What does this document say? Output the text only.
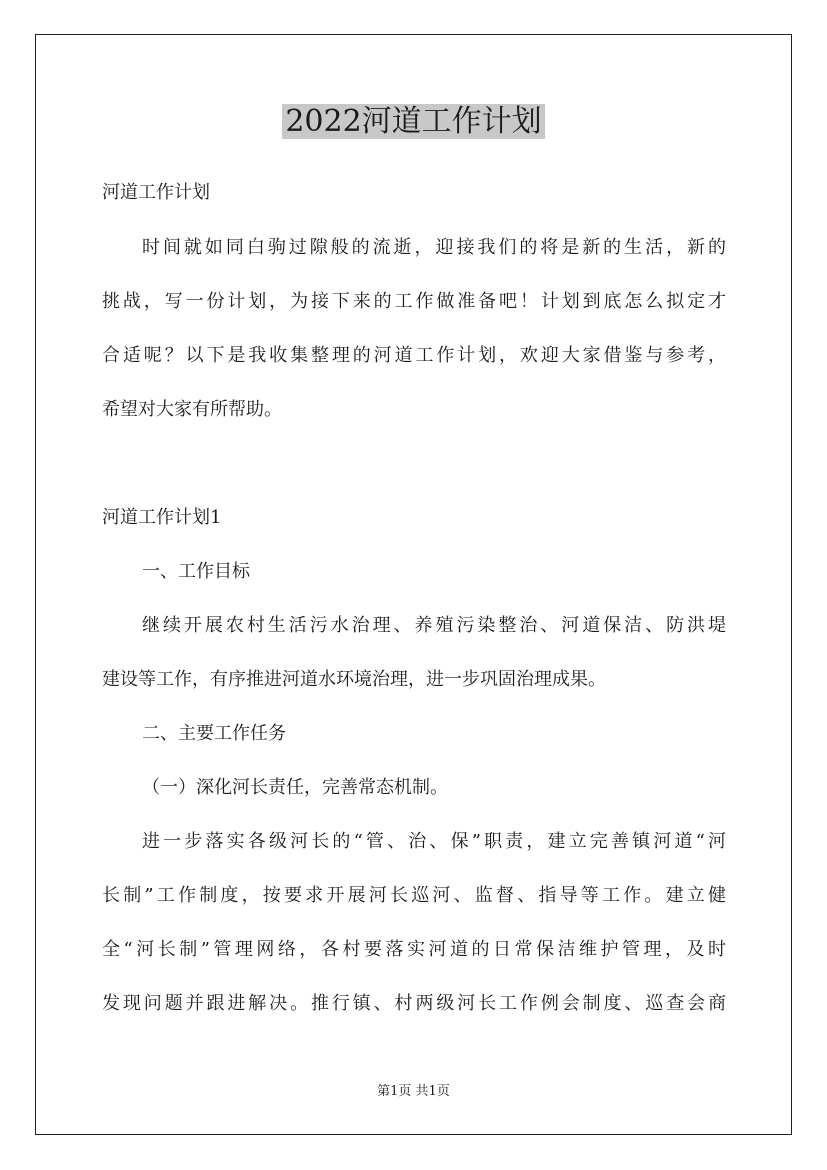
2022河道工作计划
河道工作计划
时间就如同白驹过隙般的流逝，迎接我们的将是新的生活，新的
挑战，写一份计划，为接下来的工作做准备吧！计划到底怎么拟定才
合适呢？以下是我收集整理的河道工作计划，欢迎大家借鉴与参考，
希望对大家有所帮助。
河道工作计划1
一、工作目标
继续开展农村生活污水治理、养殖污染整治、河道保洁、防洪堤
建设等工作，有序推进河道水环境治理，进一步巩固治理成果。
二、主要工作任务
（一）深化河长责任，完善常态机制。
进一步落实各级河长的“管、治、保”职责，建立完善镇河道“河
长制”工作制度，按要求开展河长巡河、监督、指导等工作。建立健
全“河长制”管理网络，各村要落实河道的日常保洁维护管理，及时
发现问题并跟进解决。推行镇、村两级河长工作例会制度、巡查会商
第1页 共1页
